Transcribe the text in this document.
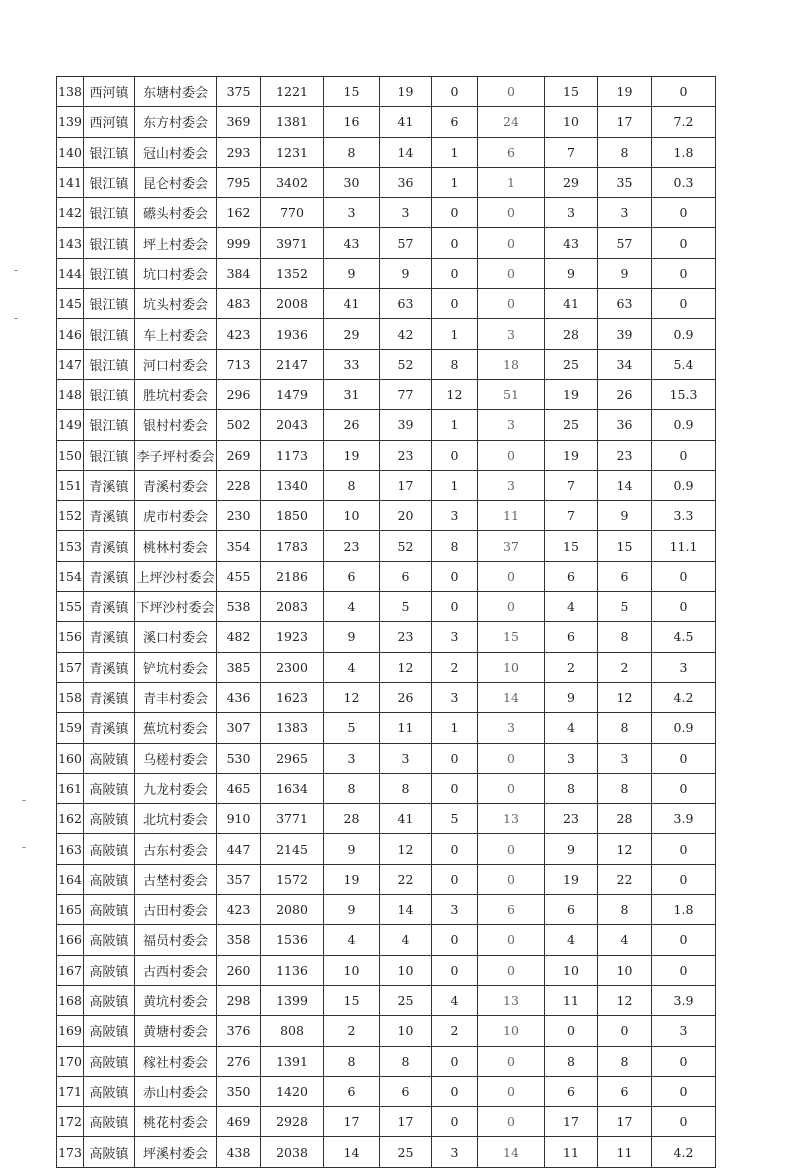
138	西河镇	东塘村委会	375	1221	15	19	0	0	15	19	0
139	西河镇	东方村委会	369	1381	16	41	6	24	10	17	7.2
140	银江镇	冠山村委会	293	1231	8	14	1	6	7	8	1.8
141	银江镇	昆仑村委会	795	3402	30	36	1	1	29	35	0.3
142	银江镇	礤头村委会	162	770	3	3	0	0	3	3	0
143	银江镇	坪上村委会	999	3971	43	57	0	0	43	57	0
144	银江镇	坑口村委会	384	1352	9	9	0	0	9	9	0
145	银江镇	坑头村委会	483	2008	41	63	0	0	41	63	0
146	银江镇	车上村委会	423	1936	29	42	1	3	28	39	0.9
147	银江镇	河口村委会	713	2147	33	52	8	18	25	34	5.4
148	银江镇	胜坑村委会	296	1479	31	77	12	51	19	26	15.3
149	银江镇	银村村委会	502	2043	26	39	1	3	25	36	0.9
150	银江镇	李子坪村委会	269	1173	19	23	0	0	19	23	0
151	青溪镇	青溪村委会	228	1340	8	17	1	3	7	14	0.9
152	青溪镇	虎市村委会	230	1850	10	20	3	11	7	9	3.3
153	青溪镇	桃林村委会	354	1783	23	52	8	37	15	15	11.1
154	青溪镇	上坪沙村委会	455	2186	6	6	0	0	6	6	0
155	青溪镇	下坪沙村委会	538	2083	4	5	0	0	4	5	0
156	青溪镇	溪口村委会	482	1923	9	23	3	15	6	8	4.5
157	青溪镇	铲坑村委会	385	2300	4	12	2	10	2	2	3
158	青溪镇	青丰村委会	436	1623	12	26	3	14	9	12	4.2
159	青溪镇	蕉坑村委会	307	1383	5	11	1	3	4	8	0.9
160	高陂镇	乌槎村委会	530	2965	3	3	0	0	3	3	0
161	高陂镇	九龙村委会	465	1634	8	8	0	0	8	8	0
162	高陂镇	北坑村委会	910	3771	28	41	5	13	23	28	3.9
163	高陂镇	古东村委会	447	2145	9	12	0	0	9	12	0
164	高陂镇	古埜村委会	357	1572	19	22	0	0	19	22	0
165	高陂镇	古田村委会	423	2080	9	14	3	6	6	8	1.8
166	高陂镇	福员村委会	358	1536	4	4	0	0	4	4	0
167	高陂镇	古西村委会	260	1136	10	10	0	0	10	10	0
168	高陂镇	黄坑村委会	298	1399	15	25	4	13	11	12	3.9
169	高陂镇	黄塘村委会	376	808	2	10	2	10	0	0	3
170	高陂镇	稼社村委会	276	1391	8	8	0	0	8	8	0
171	高陂镇	赤山村委会	350	1420	6	6	0	0	6	6	0
172	高陂镇	桃花村委会	469	2928	17	17	0	0	17	17	0
173	高陂镇	坪溪村委会	438	2038	14	25	3	14	11	11	4.2
